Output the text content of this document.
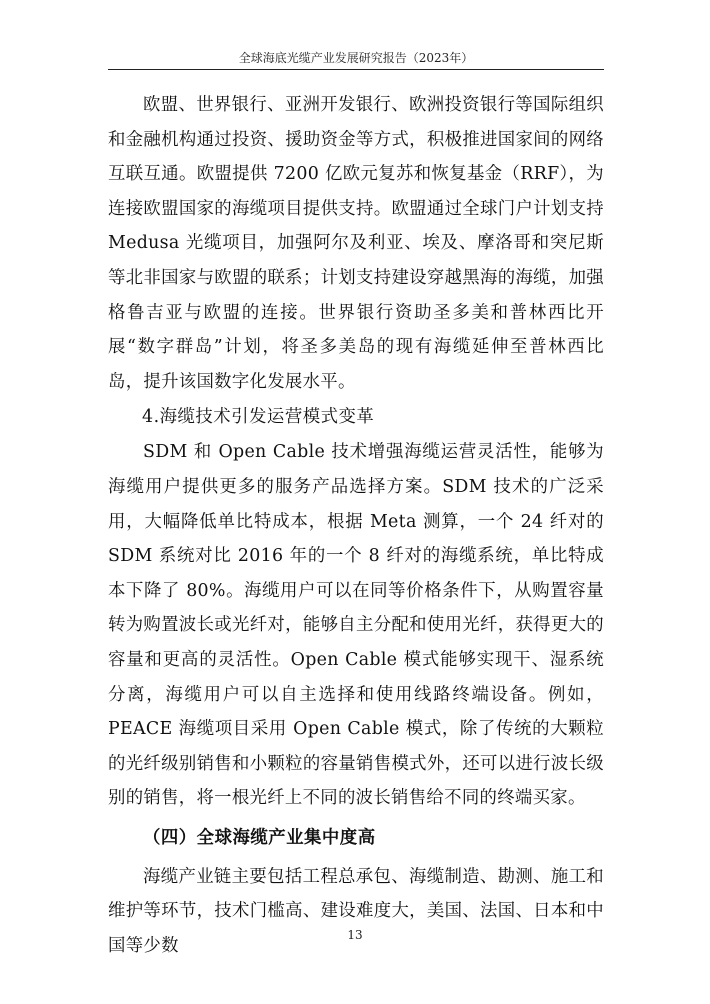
全球海底光缆产业发展研究报告（2023年）

欧盟、世界银行、亚洲开发银行、欧洲投资银行等国际组织和金融机构通过投资、援助资金等方式，积极推进国家间的网络互联互通。欧盟提供 7200 亿欧元复苏和恢复基金（RRF），为连接欧盟国家的海缆项目提供支持。欧盟通过全球门户计划支持 Medusa 光缆项目，加强阿尔及利亚、埃及、摩洛哥和突尼斯等北非国家与欧盟的联系；计划支持建设穿越黑海的海缆，加强格鲁吉亚与欧盟的连接。世界银行资助圣多美和普林西比开展“数字群岛”计划，将圣多美岛的现有海缆延伸至普林西比岛，提升该国数字化发展水平。

4.海缆技术引发运营模式变革

SDM 和 Open Cable 技术增强海缆运营灵活性，能够为海缆用户提供更多的服务产品选择方案。SDM 技术的广泛采用，大幅降低单比特成本，根据 Meta 测算，一个 24 纤对的 SDM 系统对比 2016 年的一个 8 纤对的海缆系统，单比特成本下降了 80%。海缆用户可以在同等价格条件下，从购置容量转为购置波长或光纤对，能够自主分配和使用光纤，获得更大的容量和更高的灵活性。Open Cable 模式能够实现干、湿系统分离，海缆用户可以自主选择和使用线路终端设备。例如，PEACE 海缆项目采用 Open Cable 模式，除了传统的大颗粒的光纤级别销售和小颗粒的容量销售模式外，还可以进行波长级别的销售，将一根光纤上不同的波长销售给不同的终端买家。

（四）全球海缆产业集中度高

海缆产业链主要包括工程总承包、海缆制造、勘测、施工和维护等环节，技术门槛高、建设难度大，美国、法国、日本和中国等少数

13
